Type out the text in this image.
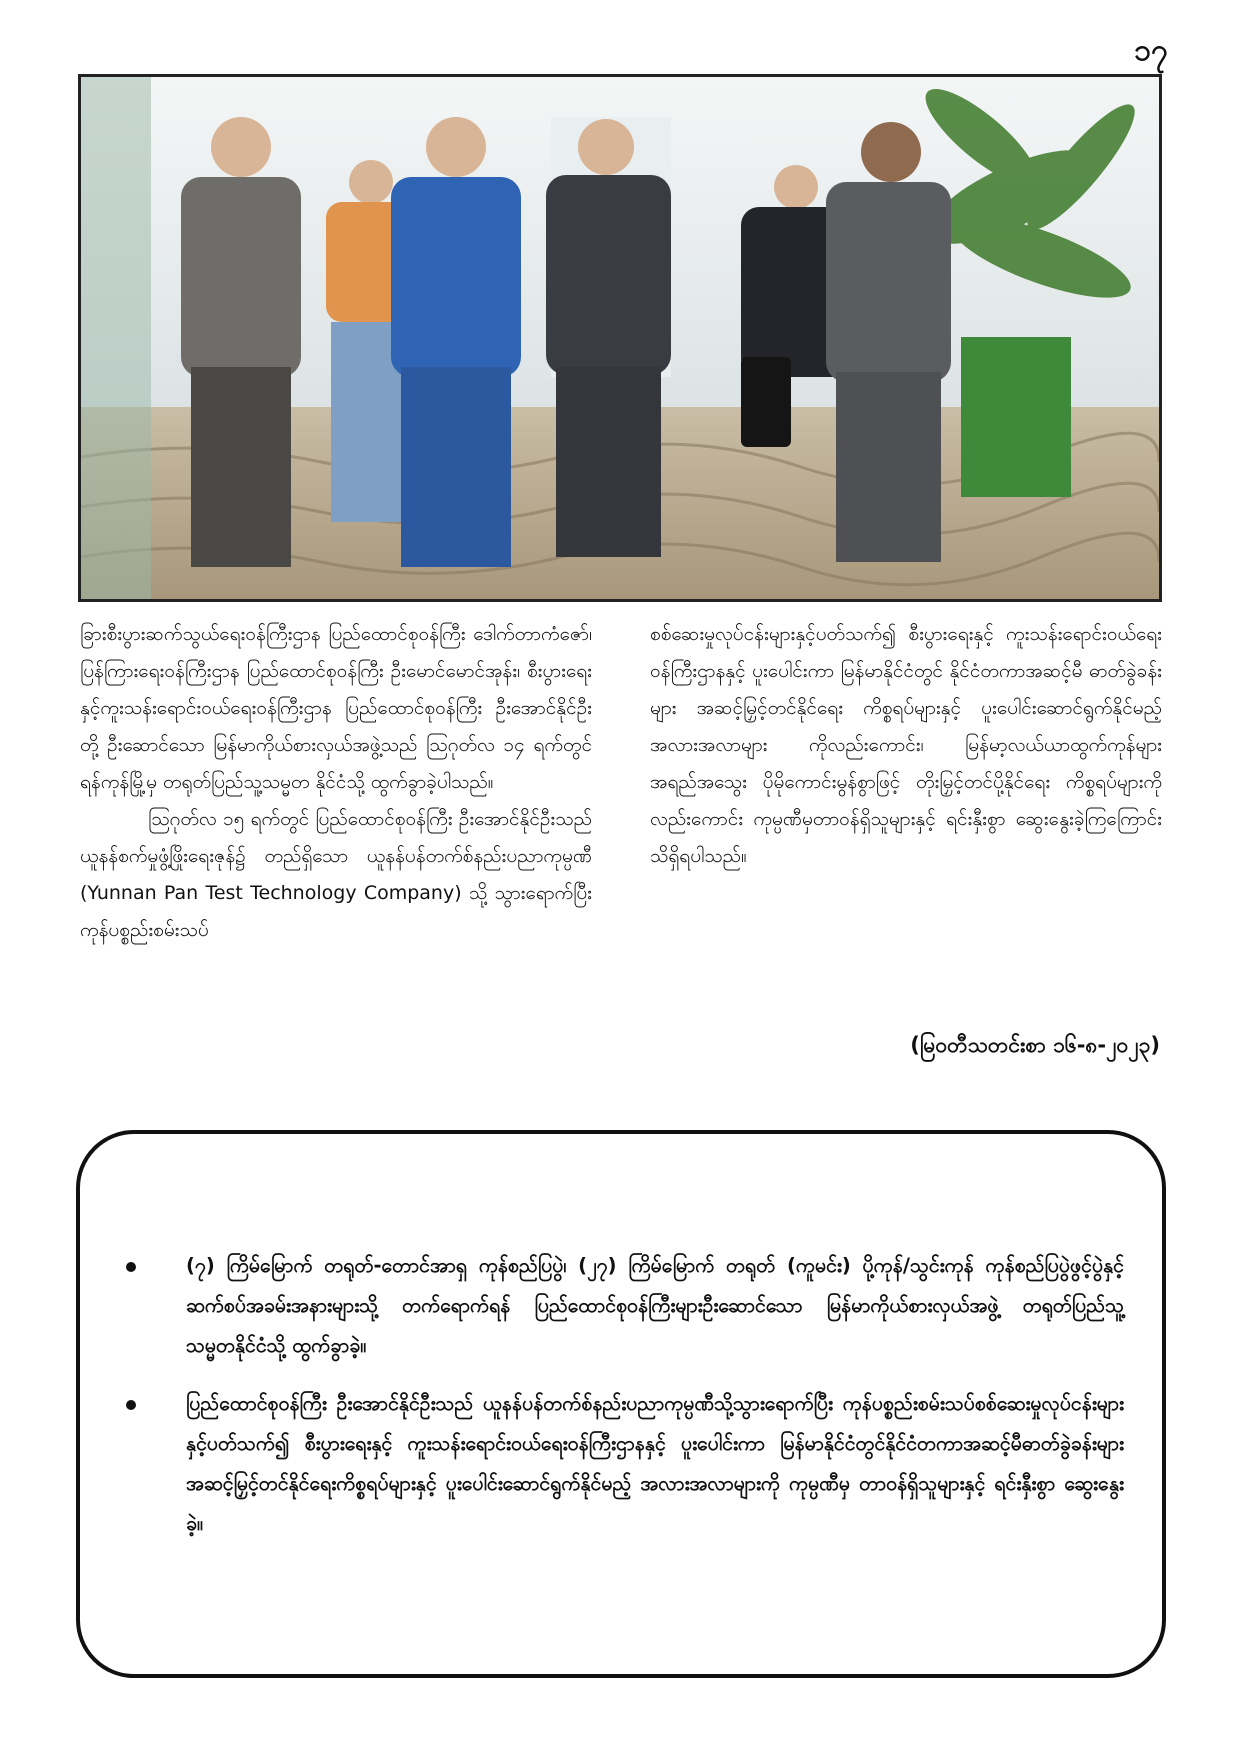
၁၇

ခြားစီးပွားဆက်သွယ်ရေးဝန်ကြီးဌာန ပြည်ထောင်စုဝန်ကြီး ဒေါက်တာကံဇော်၊ ပြန်ကြားရေးဝန်ကြီးဌာန ပြည်ထောင်စုဝန်ကြီး ဦးမောင်မောင်အုန်း၊ စီးပွားရေးနှင့်ကူးသန်းရောင်းဝယ်ရေးဝန်ကြီးဌာန ပြည်ထောင်စုဝန်ကြီး ဦးအောင်နိုင်ဦးတို့ ဦးဆောင်သော မြန်မာကိုယ်စားလှယ်အဖွဲ့သည် ဩဂုတ်လ ၁၄ ရက်တွင် ရန်ကုန်မြို့မှ တရုတ်ပြည်သူ့သမ္မတ နိုင်ငံသို့ ထွက်ခွာခဲ့ပါသည်။

ဩဂုတ်လ ၁၅ ရက်တွင် ပြည်ထောင်စုဝန်ကြီး ဦးအောင်နိုင်ဦးသည် ယူနန်စက်မှုဖွံ့ဖြိုးရေးဇုန်၌ တည်ရှိသော ယူနန်ပန်တက်စ်နည်းပညာကုမ္ပဏီ (Yunnan Pan Test Technology Company) သို့ သွားရောက်ပြီး ကုန်ပစ္စည်းစမ်းသပ်

စစ်ဆေးမှုလုပ်ငန်းများနှင့်ပတ်သက်၍ စီးပွားရေးနှင့် ကူးသန်းရောင်းဝယ်ရေးဝန်ကြီးဌာနနှင့် ပူးပေါင်းကာ မြန်မာနိုင်ငံတွင် နိုင်ငံတကာအဆင့်မီ ဓာတ်ခွဲခန်းများ အဆင့်မြှင့်တင်နိုင်ရေး ကိစ္စရပ်များနှင့် ပူးပေါင်းဆောင်ရွက်နိုင်မည့် အလားအလာများ ကိုလည်းကောင်း၊ မြန်မာ့လယ်ယာထွက်ကုန်များ အရည်အသွေး ပိုမိုကောင်းမွန်စွာဖြင့် တိုးမြှင့်တင်ပို့နိုင်ရေး ကိစ္စရပ်များကိုလည်းကောင်း ကုမ္ပဏီမှတာဝန်ရှိသူများနှင့် ရင်းနှီးစွာ ဆွေးနွေးခဲ့ကြကြောင်း သိရှိရပါသည်။

(မြဝတီသတင်းစာ ၁၆-၈-၂၀၂၃)
(၇) ကြိမ်မြောက် တရုတ်-တောင်အာရှ ကုန်စည်ပြပွဲ၊ (၂၇) ကြိမ်မြောက် တရုတ် (ကူမင်း) ပို့ကုန်/သွင်းကုန် ကုန်စည်ပြပွဲဖွင့်ပွဲနှင့် ဆက်စပ်အခမ်းအနားများသို့ တက်ရောက်ရန် ပြည်ထောင်စုဝန်ကြီးများဦးဆောင်သော မြန်မာကိုယ်စားလှယ်အဖွဲ့ တရုတ်ပြည်သူ့သမ္မတနိုင်ငံသို့ ထွက်ခွာခဲ့။
ပြည်ထောင်စုဝန်ကြီး ဦးအောင်နိုင်ဦးသည် ယူနန်ပန်တက်စ်နည်းပညာကုမ္ပဏီသို့သွားရောက်ပြီး ကုန်ပစ္စည်းစမ်းသပ်စစ်ဆေးမှုလုပ်ငန်းများနှင့်ပတ်သက်၍ စီးပွားရေးနှင့် ကူးသန်းရောင်းဝယ်ရေးဝန်ကြီးဌာနနှင့် ပူးပေါင်းကာ မြန်မာနိုင်ငံတွင်နိုင်ငံတကာအဆင့်မီဓာတ်ခွဲခန်းများ အဆင့်မြှင့်တင်နိုင်ရေးကိစ္စရပ်များနှင့် ပူးပေါင်းဆောင်ရွက်နိုင်မည့် အလားအလာများကို ကုမ္ပဏီမှ တာဝန်ရှိသူများနှင့် ရင်းနှီးစွာ ဆွေးနွေးခဲ့။
